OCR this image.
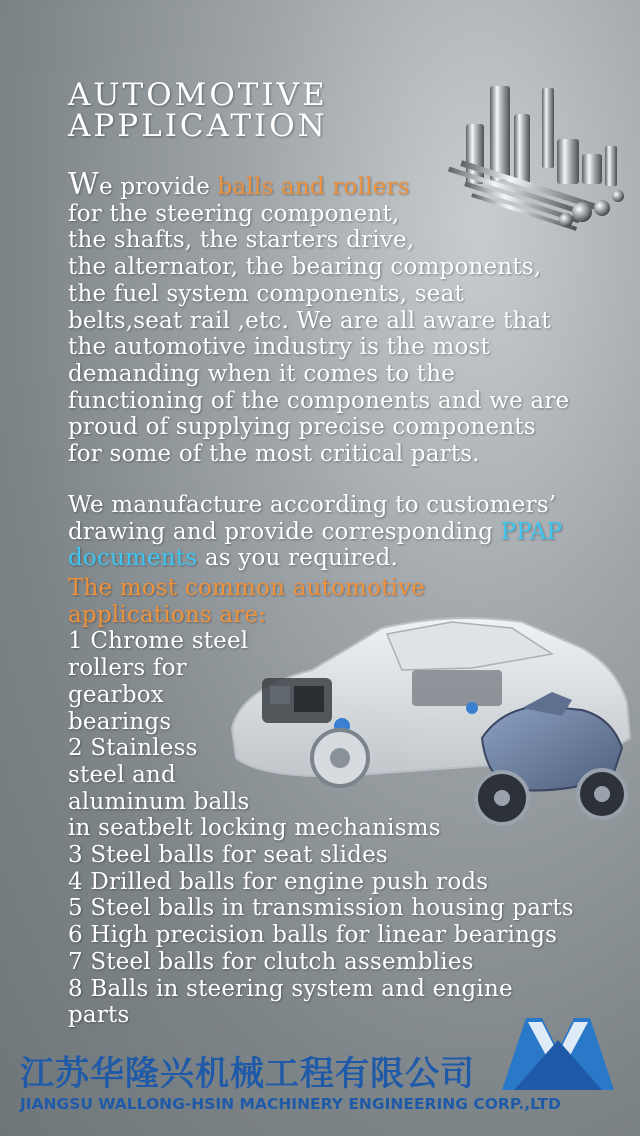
AUTOMOTIVE
APPLICATION

We provide balls and rollers
for the steering component,
the shafts, the starters drive,
the alternator, the bearing components,
the fuel system components, seat
belts,seat rail ,etc. We are all aware that
the automotive industry is the most
demanding when it comes to the
functioning of the components and we are
proud of supplying precise components
for some of the most critical parts.

We manufacture according to customers’
drawing and provide corresponding PPAP
documents as you required.

The most common automotive
applications are:
1 Chrome steel
rollers for
gearbox
bearings
2 Stainless
steel and
aluminum balls
in seatbelt locking mechanisms
3 Steel balls for seat slides
4 Drilled balls for engine push rods
5 Steel balls in transmission housing parts
6 High precision balls for linear bearings
7 Steel balls for clutch assemblies
8 Balls in steering system and engine
parts
江苏华隆兴机械工程有限公司
JIANGSU WALLONG-HSIN MACHINERY ENGINEERING CORP.,LTD
